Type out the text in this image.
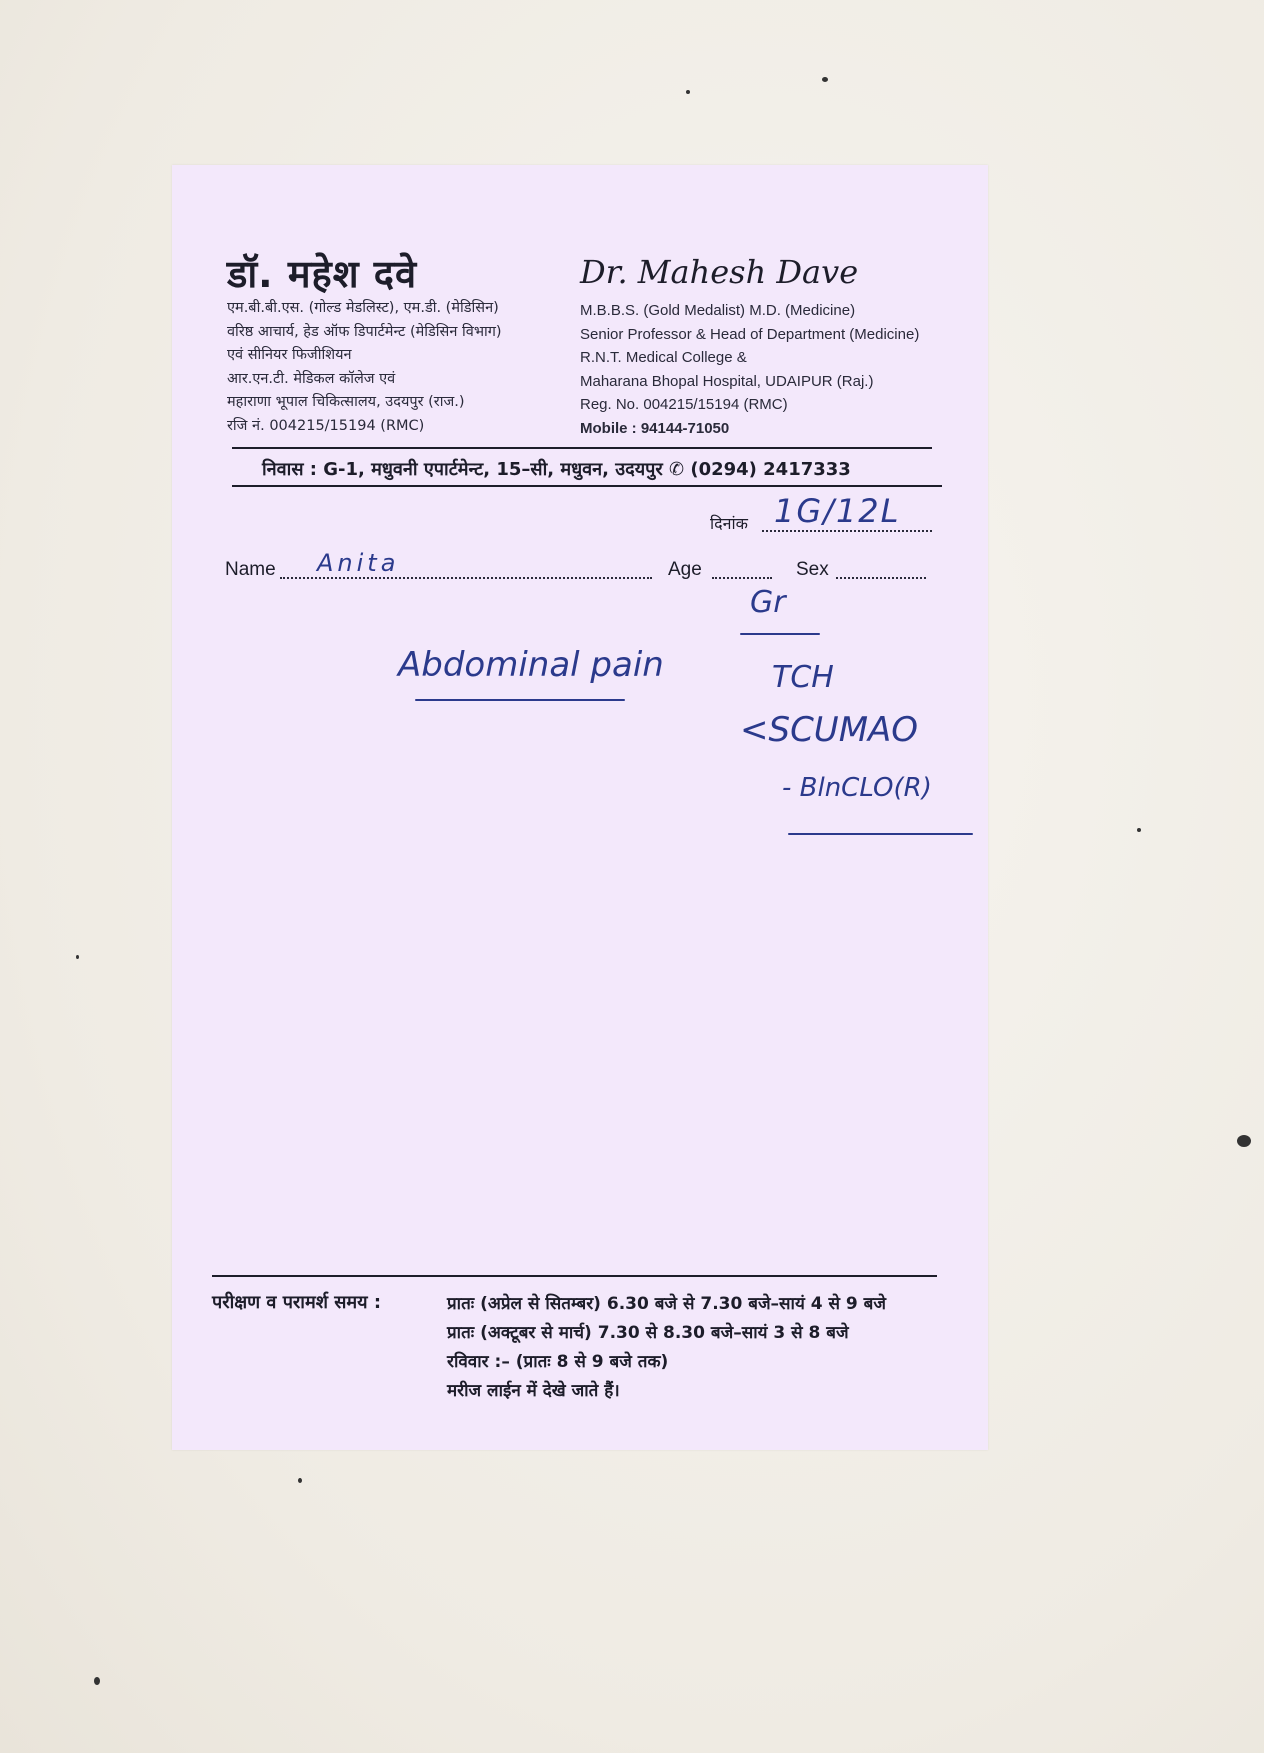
डॉ. महेश दवे	Dr. Mahesh Dave
एम.बी.बी.एस. (गोल्ड मेडलिस्ट), एम.डी. (मेडिसिन)
वरिष्ठ आचार्य, हेड ऑफ डिपार्टमेन्ट (मेडिसिन विभाग)
एवं सीनियर फिजीशियन
आर.एन.टी. मेडिकल कॉलेज एवं
महाराणा भूपाल चिकित्सालय, उदयपुर (राज.)
रजि नं. 004215/15194 (RMC)
M.B.B.S. (Gold Medalist) M.D. (Medicine)
Senior Professor & Head of Department (Medicine)
R.N.T. Medical College &
Maharana Bhopal Hospital, UDAIPUR (Raj.)
Reg. No. 004215/15194 (RMC)
Mobile : 94144-71050
निवास : G-1, मधुवनी एपार्टमेन्ट, 15–सी, मधुवन, उदयपुर ✆ (0294) 2417333
दिनांक 1G/12L
Name Anita	Age	Sex
Gr
Abdominal pain	TCH
<SCUMAO
- BlnCLO(R)
परीक्षण व परामर्श समय :	प्रातः (अप्रेल से सितम्बर) 6.30 बजे से 7.30 बजे–सायं 4 से 9 बजे
प्रातः (अक्टूबर से मार्च) 7.30 से 8.30 बजे–सायं 3 से 8 बजे
रविवार :– (प्रातः 8 से 9 बजे तक)
मरीज लाईन में देखे जाते हैं।
